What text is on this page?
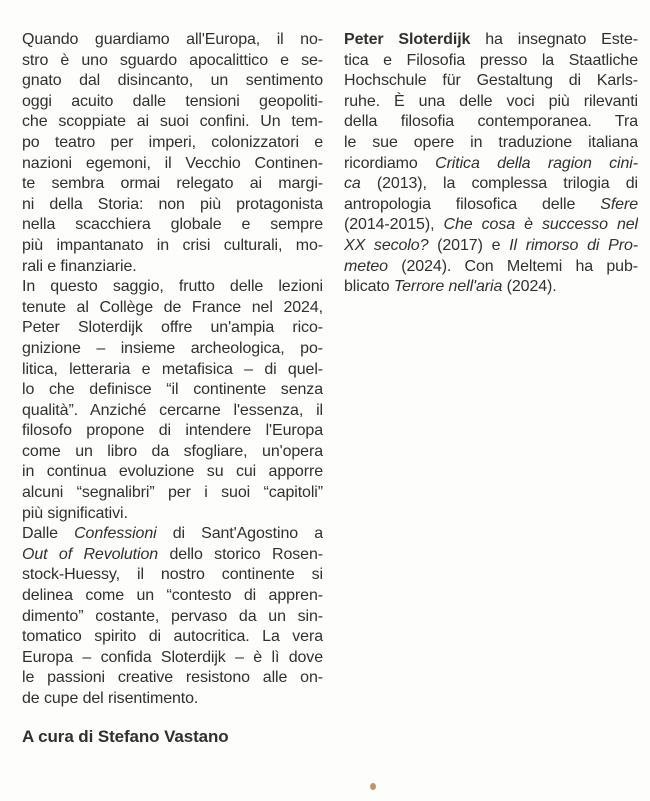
Quando guardiamo all'Europa, il no-
stro è uno sguardo apocalittico e se-
gnato dal disincanto, un sentimento
oggi acuito dalle tensioni geopoliti-
che scoppiate ai suoi confini. Un tem-
po teatro per imperi, colonizzatori e
nazioni egemoni, il Vecchio Continen-
te sembra ormai relegato ai margi-
ni della Storia: non più protagonista
nella scacchiera globale e sempre
più impantanato in crisi culturali, mo-
rali e finanziarie.
In questo saggio, frutto delle lezioni
tenute al Collège de France nel 2024,
Peter Sloterdijk offre un'ampia rico-
gnizione – insieme archeologica, po-
litica, letteraria e metafisica – di quel-
lo che definisce “il continente senza
qualità”. Anziché cercarne l'essenza, il
filosofo propone di intendere l'Europa
come un libro da sfogliare, un'opera
in continua evoluzione su cui apporre
alcuni “segnalibri” per i suoi “capitoli”
più significativi.
Dalle Confessioni di Sant'Agostino a
Out of Revolution dello storico Rosen-
stock-Huessy, il nostro continente si
delinea come un “contesto di appren-
dimento” costante, pervaso da un sin-
tomatico spirito di autocritica. La vera
Europa – confida Sloterdijk – è lì dove
le passioni creative resistono alle on-
de cupe del risentimento.
Peter Sloterdijk ha insegnato Este-
tica e Filosofia presso la Staatliche
Hochschule für Gestaltung di Karls-
ruhe. È una delle voci più rilevanti
della filosofia contemporanea. Tra
le sue opere in traduzione italiana
ricordiamo Critica della ragion cini-
ca (2013), la complessa trilogia di
antropologia filosofica delle Sfere
(2014-2015), Che cosa è successo nel
XX secolo? (2017) e Il rimorso di Pro-
meteo (2024). Con Meltemi ha pub-
blicato Terrore nell'aria (2024).
A cura di Stefano Vastano
